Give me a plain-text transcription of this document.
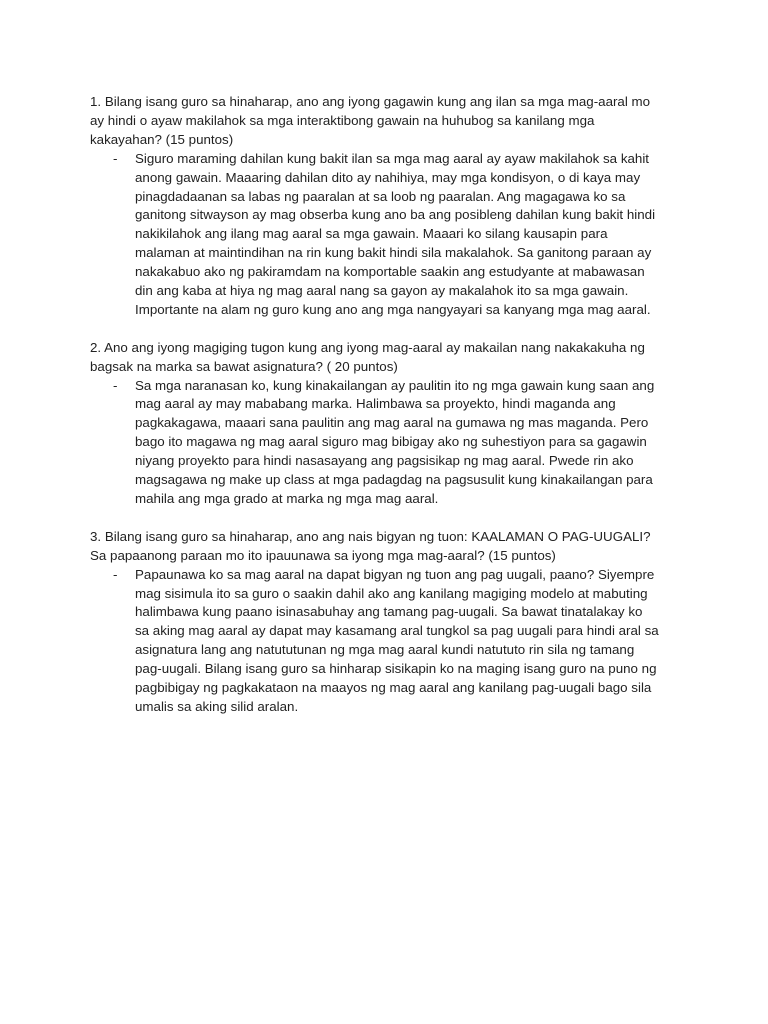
1. Bilang isang guro sa hinaharap, ano ang iyong gagawin kung ang ilan sa mga mag-aaral mo
ay hindi o ayaw makilahok sa mga interaktibong gawain na huhubog sa kanilang mga
kakayahan? (15 puntos)

-	Siguro maraming dahilan kung bakit ilan sa mga mag aaral ay ayaw makilahok sa kahit
anong gawain. Maaaring dahilan dito ay nahihiya, may mga kondisyon, o di kaya may
pinagdadaanan sa labas ng paaralan at sa loob ng paaralan. Ang magagawa ko sa
ganitong sitwayson ay mag obserba kung ano ba ang posibleng dahilan kung bakit hindi
nakikilahok ang ilang mag aaral sa mga gawain. Maaari ko silang kausapin para
malaman at maintindihan na rin kung bakit hindi sila makalahok. Sa ganitong paraan ay
nakakabuo ako ng pakiramdam na komportable saakin ang estudyante at mabawasan
din ang kaba at hiya ng mag aaral nang sa gayon ay makalahok ito sa mga gawain.
Importante na alam ng guro kung ano ang mga nangyayari sa kanyang mga mag aaral.

2. Ano ang iyong magiging tugon kung ang iyong mag-aaral ay makailan nang nakakakuha ng
bagsak na marka sa bawat asignatura? ( 20 puntos)

-	Sa mga naranasan ko, kung kinakailangan ay paulitin ito ng mga gawain kung saan ang
mag aaral ay may mababang marka. Halimbawa sa proyekto, hindi maganda ang
pagkakagawa, maaari sana paulitin ang mag aaral na gumawa ng mas maganda. Pero
bago ito magawa ng mag aaral siguro mag bibigay ako ng suhestiyon para sa gagawin
niyang proyekto para hindi nasasayang ang pagsisikap ng mag aaral. Pwede rin ako
magsagawa ng make up class at mga padagdag na pagsusulit kung kinakailangan para
mahila ang mga grado at marka ng mga mag aaral.

3. Bilang isang guro sa hinaharap, ano ang nais bigyan ng tuon: KAALAMAN O PAG-UUGALI?
Sa papaanong paraan mo ito ipauunawa sa iyong mga mag-aaral? (15 puntos)

-	Papaunawa ko sa mag aaral na dapat bigyan ng tuon ang pag uugali, paano? Siyempre
mag sisimula ito sa guro o saakin dahil ako ang kanilang magiging modelo at mabuting
halimbawa kung paano isinasabuhay ang tamang pag-uugali. Sa bawat tinatalakay ko
sa aking mag aaral ay dapat may kasamang aral tungkol sa pag uugali para hindi aral sa
asignatura lang ang natututunan ng mga mag aaral kundi natututo rin sila ng tamang
pag-uugali. Bilang isang guro sa hinharap sisikapin ko na maging isang guro na puno ng
pagbibigay ng pagkakataon na maayos ng mag aaral ang kanilang pag-uugali bago sila
umalis sa aking silid aralan.
